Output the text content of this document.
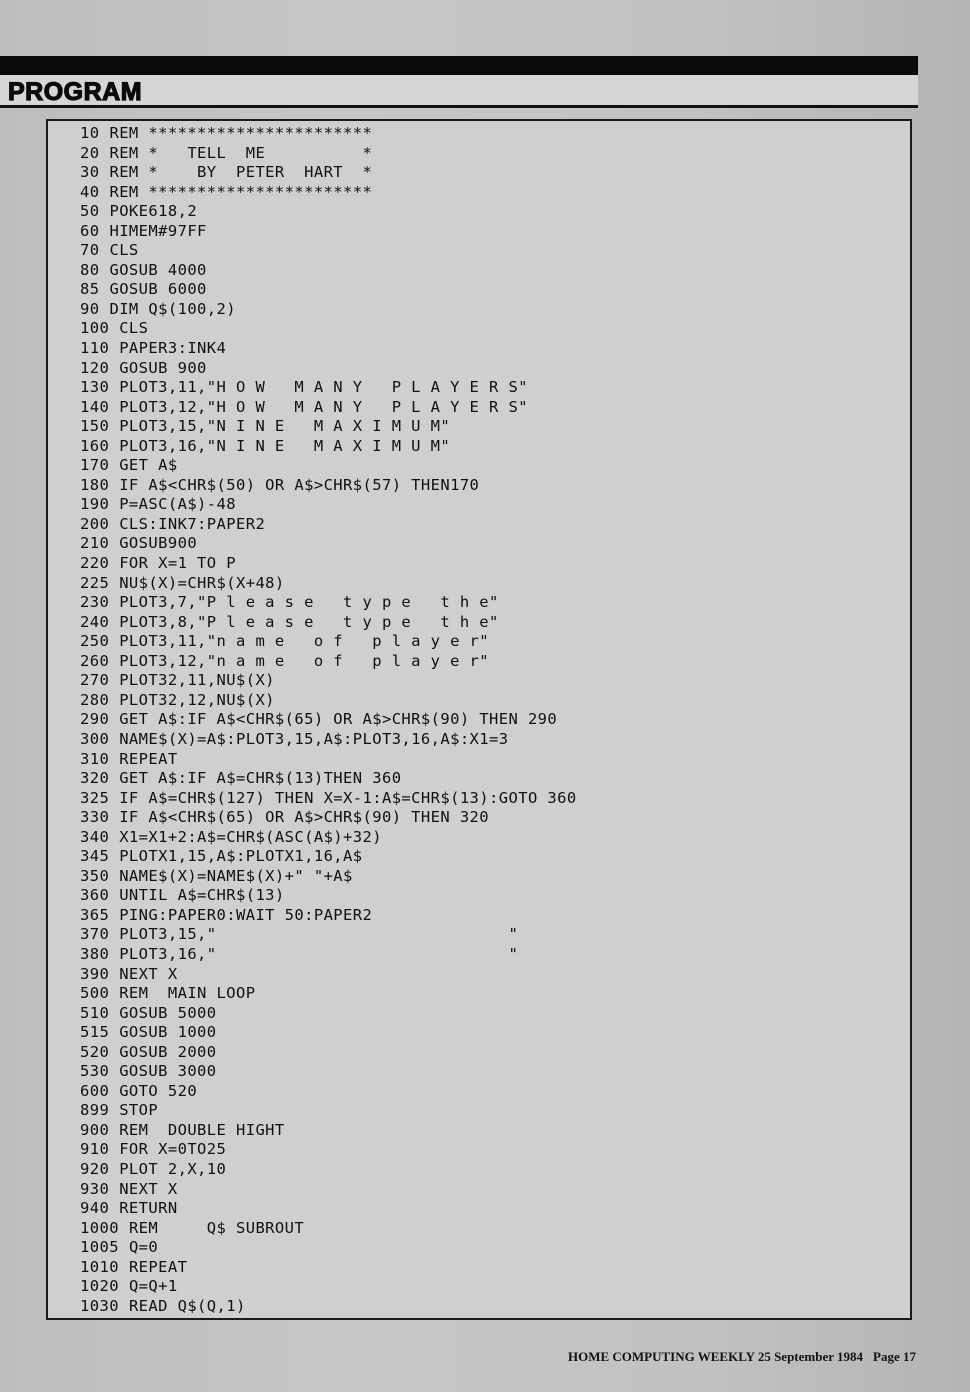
PROGRAM
10 REM ***********************
20 REM *   TELL  ME          *
30 REM *    BY  PETER  HART  *
40 REM ***********************
50 POKE618,2
60 HIMEM#97FF
70 CLS
80 GOSUB 4000
85 GOSUB 6000
90 DIM Q$(100,2)
100 CLS
110 PAPER3:INK4
120 GOSUB 900
130 PLOT3,11,"H O W   M A N Y   P L A Y E R S"
140 PLOT3,12,"H O W   M A N Y   P L A Y E R S"
150 PLOT3,15,"N I N E   M A X I M U M"
160 PLOT3,16,"N I N E   M A X I M U M"
170 GET A$
180 IF A$<CHR$(50) OR A$>CHR$(57) THEN170
190 P=ASC(A$)-48
200 CLS:INK7:PAPER2
210 GOSUB900
220 FOR X=1 TO P
225 NU$(X)=CHR$(X+48)
230 PLOT3,7,"P l e a s e   t y p e   t h e"
240 PLOT3,8,"P l e a s e   t y p e   t h e"
250 PLOT3,11,"n a m e   o f   p l a y e r"
260 PLOT3,12,"n a m e   o f   p l a y e r"
270 PLOT32,11,NU$(X)
280 PLOT32,12,NU$(X)
290 GET A$:IF A$<CHR$(65) OR A$>CHR$(90) THEN 290
300 NAME$(X)=A$:PLOT3,15,A$:PLOT3,16,A$:X1=3
310 REPEAT
320 GET A$:IF A$=CHR$(13)THEN 360
325 IF A$=CHR$(127) THEN X=X-1:A$=CHR$(13):GOTO 360
330 IF A$<CHR$(65) OR A$>CHR$(90) THEN 320
340 X1=X1+2:A$=CHR$(ASC(A$)+32)
345 PLOTX1,15,A$:PLOTX1,16,A$
350 NAME$(X)=NAME$(X)+" "+A$
360 UNTIL A$=CHR$(13)
365 PING:PAPER0:WAIT 50:PAPER2
370 PLOT3,15,"                              "
380 PLOT3,16,"                              "
390 NEXT X
500 REM  MAIN LOOP
510 GOSUB 5000
515 GOSUB 1000
520 GOSUB 2000
530 GOSUB 3000
600 GOTO 520
899 STOP
900 REM  DOUBLE HIGHT
910 FOR X=0TO25
920 PLOT 2,X,10
930 NEXT X
940 RETURN
1000 REM     Q$ SUBROUT
1005 Q=0
1010 REPEAT
1020 Q=Q+1
1030 READ Q$(Q,1)
HOME COMPUTING WEEKLY 25 September 1984 Page 17
